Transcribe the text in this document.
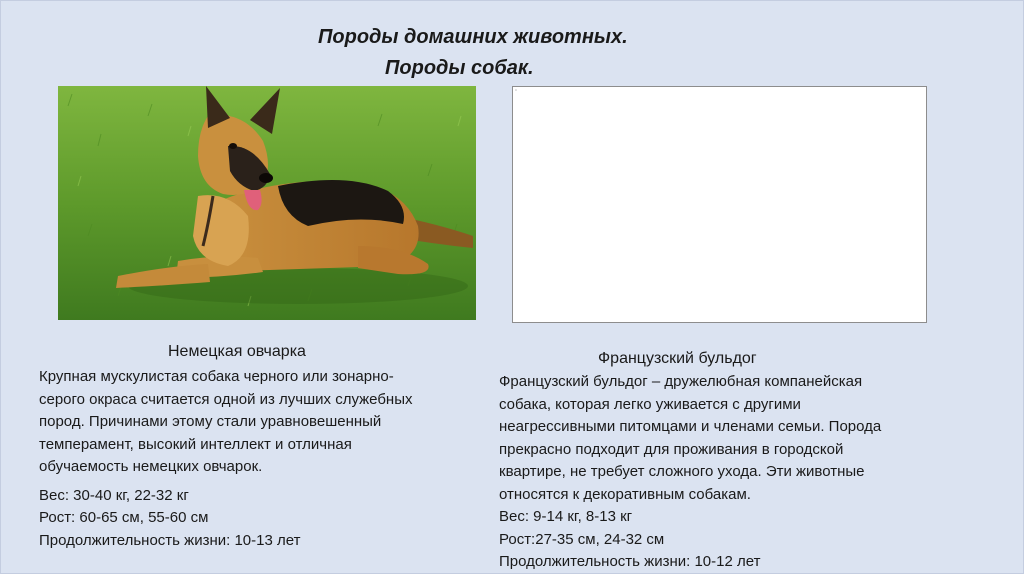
Породы домашних животных.
Породы собак.
□
Немецкая овчарка
Крупная мускулистая собака черного или зонарно-
серого окраса считается одной из лучших служебных
пород. Причинами этому стали уравновешенный
темперамент, высокий интеллект и отличная
обучаемость немецких овчарок.
Вес: 30-40 кг, 22-32 кг
Рост: 60-65 см, 55-60 см
Продолжительность жизни: 10-13 лет
Французский бульдог
Французский бульдог – дружелюбная компанейская
собака, которая легко уживается с другими
неагрессивными питомцами и членами семьи. Порода
прекрасно подходит для проживания в городской
квартире, не требует сложного ухода. Эти животные
относятся к декоративным собакам.
Вес: 9-14 кг, 8-13 кг
Рост:27-35 см, 24-32 см
Продолжительность жизни: 10-12 лет
